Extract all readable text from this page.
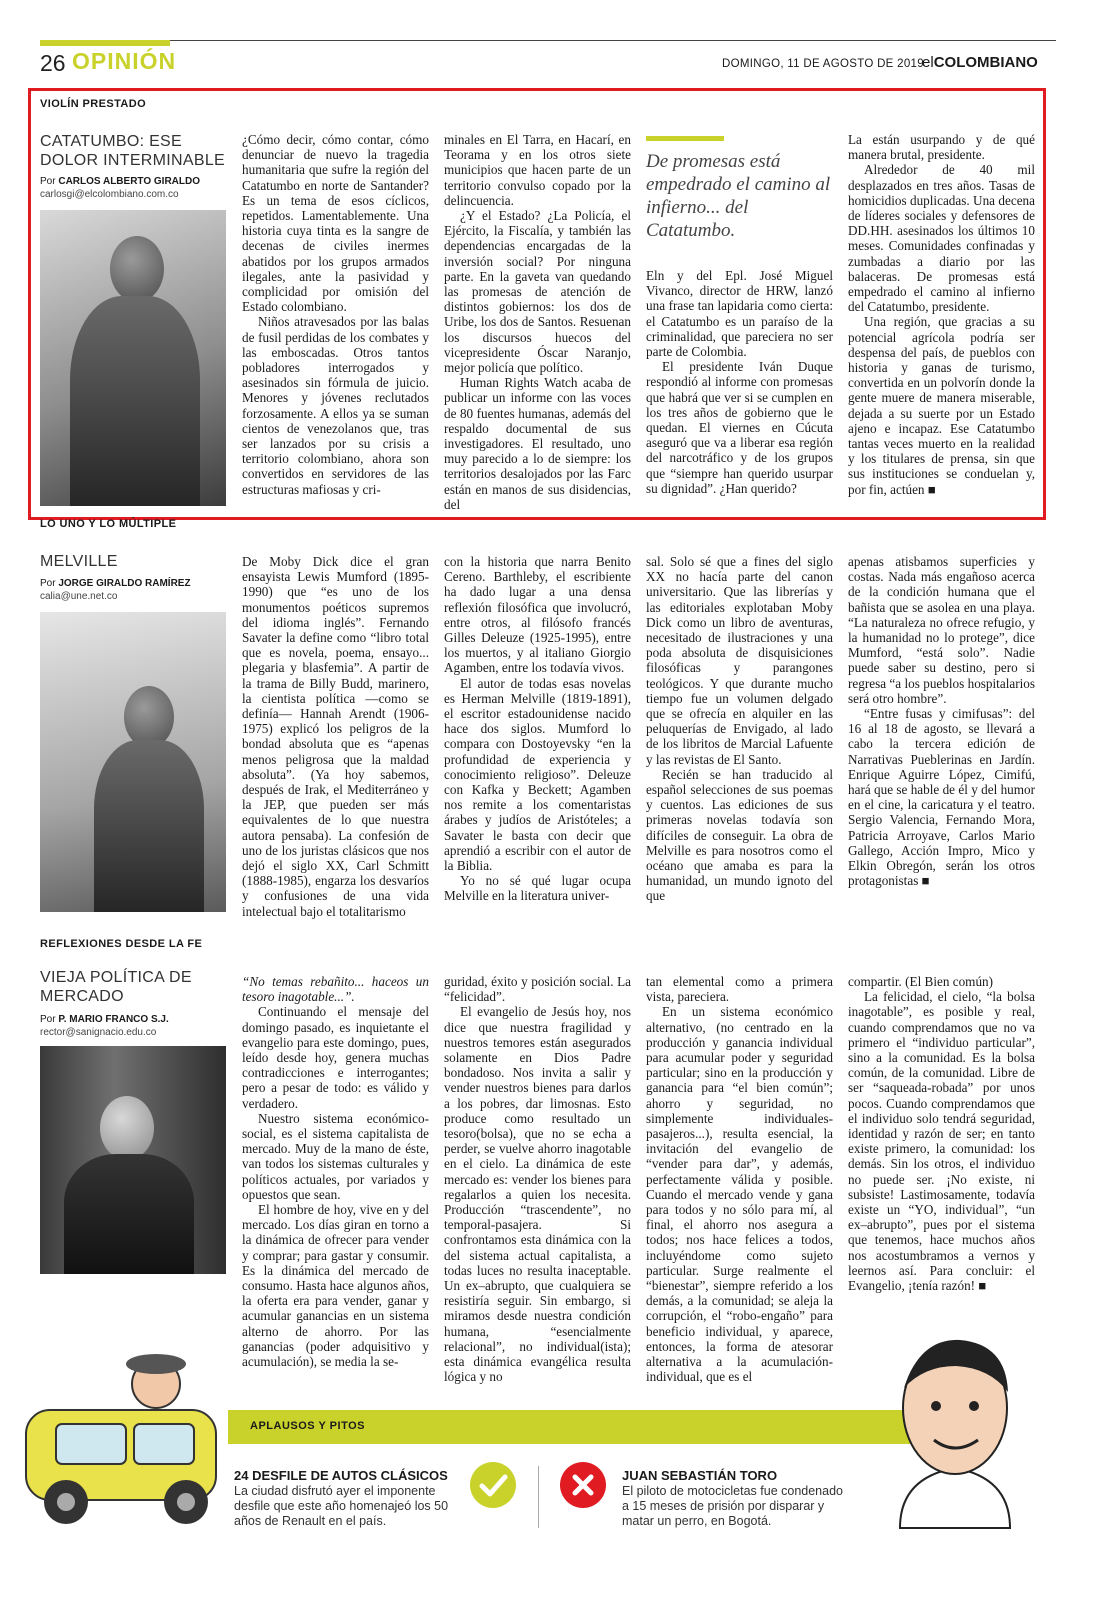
26 OPINIÓN	DOMINGO, 11 DE AGOSTO DE 2019
elCOLOMBIANO
VIOLÍN PRESTADO
CATATUMBO: ESE DOLOR INTERMINABLE
Por CARLOS ALBERTO GIRALDO
carlosgi@elcolombiano.com.co

¿Cómo decir, cómo contar, cómo denunciar de nuevo la tragedia humanitaria que sufre la región del Catatumbo en norte de Santander? Es un tema de esos cíclicos, repetidos. Lamentablemente. Una historia cuya tinta es la sangre de decenas de civiles inermes abatidos por los grupos armados ilegales, ante la pasividad y complicidad por omisión del Estado colombiano.

Niños atravesados por las balas de fusil perdidas de los combates y las emboscadas. Otros tantos pobladores interrogados y asesinados sin fórmula de juicio. Menores y jóvenes reclutados forzosamente. A ellos ya se suman cientos de venezolanos que, tras ser lanzados por su crisis a territorio colombiano, ahora son convertidos en servidores de las estructuras mafiosas y cri-

minales en El Tarra, en Hacarí, en Teorama y en los otros siete municipios que hacen parte de un territorio convulso copado por la delincuencia.

¿Y el Estado? ¿La Policía, el Ejército, la Fiscalía, y también las dependencias encargadas de la inversión social? Por ninguna parte. En la gaveta van quedando las promesas de atención de distintos gobiernos: los dos de Uribe, los dos de Santos. Resuenan los discursos huecos del vicepresidente Óscar Naranjo, mejor policía que político.

Human Rights Watch acaba de publicar un informe con las voces de 80 fuentes humanas, además del respaldo documental de sus investigadores. El resultado, uno muy parecido a lo de siempre: los territorios desalojados por las Farc están en manos de sus disidencias, del

De promesas está empedrado el camino al infierno... del Catatumbo.

Eln y del Epl. José Miguel Vivanco, director de HRW, lanzó una frase tan lapidaria como cierta: el Catatumbo es un paraíso de la criminalidad, que pareciera no ser parte de Colombia.

El presidente Iván Duque respondió al informe con promesas que habrá que ver si se cumplen en los tres años de gobierno que le quedan. El viernes en Cúcuta aseguró que va a liberar esa región del narcotráfico y de los grupos que “siempre han querido usurpar su dignidad”. ¿Han querido?

La están usurpando y de qué manera brutal, presidente.

Alrededor de 40 mil desplazados en tres años. Tasas de homicidios duplicadas. Una decena de líderes sociales y defensores de DD.HH. asesinados los últimos 10 meses. Comunidades confinadas y zumbadas a diario por las balaceras. De promesas está empedrado el camino al infierno del Catatumbo, presidente.

Una región, que gracias a su potencial agrícola podría ser despensa del país, de pueblos con historia y ganas de turismo, convertida en un polvorín donde la gente muere de manera miserable, dejada a su suerte por un Estado ajeno e incapaz. Ese Catatumbo tantas veces muerto en la realidad y los titulares de prensa, sin que sus instituciones se conduelan y, por fin, actúen ■

LO UNO Y LO MÚLTIPLE
MELVILLE
Por JORGE GIRALDO RAMÍREZ
calia@une.net.co

De Moby Dick dice el gran ensayista Lewis Mumford (1895-1990) que “es uno de los monumentos poéticos supremos del idioma inglés”. Fernando Savater la define como “libro total que es novela, poema, ensayo... plegaria y blasfemia”. A partir de la trama de Billy Budd, marinero, la cientista política —como se definía— Hannah Arendt (1906-1975) explicó los peligros de la bondad absoluta que es “apenas menos peligrosa que la maldad absoluta”. (Ya hoy sabemos, después de Irak, el Mediterráneo y la JEP, que pueden ser más equivalentes de lo que nuestra autora pensaba). La confesión de uno de los juristas clásicos que nos dejó el siglo XX, Carl Schmitt (1888-1985), engarza los desvaríos y confusiones de una vida intelectual bajo el totalitarismo

con la historia que narra Benito Cereno. Barthleby, el escribiente ha dado lugar a una densa reflexión filosófica que involucró, entre otros, al filósofo francés Gilles Deleuze (1925-1995), entre los muertos, y al italiano Giorgio Agamben, entre los todavía vivos.

El autor de todas esas novelas es Herman Melville (1819-1891), el escritor estadounidense nacido hace dos siglos. Mumford lo compara con Dostoyevsky “en la profundidad de experiencia y conocimiento religioso”. Deleuze con Kafka y Beckett; Agamben nos remite a los comentaristas árabes y judíos de Aristóteles; a Savater le basta con decir que aprendió a escribir con el autor de la Biblia.

Yo no sé qué lugar ocupa Melville en la literatura univer-

sal. Solo sé que a fines del siglo XX no hacía parte del canon universitario. Que las librerías y las editoriales explotaban Moby Dick como un libro de aventuras, necesitado de ilustraciones y una poda absoluta de disquisiciones filosóficas y parangones teológicos. Y que durante mucho tiempo fue un volumen delgado que se ofrecía en alquiler en las peluquerías de Envigado, al lado de los libritos de Marcial Lafuente y las revistas de El Santo.

Recién se han traducido al español selecciones de sus poemas y cuentos. Las ediciones de sus primeras novelas todavía son difíciles de conseguir. La obra de Melville es para nosotros como el océano que amaba es para la humanidad, un mundo ignoto del que

apenas atisbamos superficies y costas. Nada más engañoso acerca de la condición humana que el bañista que se asolea en una playa. “La naturaleza no ofrece refugio, y la humanidad no lo protege”, dice Mumford, “está solo”. Nadie puede saber su destino, pero si regresa “a los pueblos hospitalarios será otro hombre”.

“Entre fusas y cimifusas”: del 16 al 18 de agosto, se llevará a cabo la tercera edición de Narrativas Pueblerinas en Jardín. Enrique Aguirre López, Cimifú, hará que se hable de él y del humor en el cine, la caricatura y el teatro. Sergio Valencia, Fernando Mora, Patricia Arroyave, Carlos Mario Gallego, Acción Impro, Mico y Elkin Obregón, serán los otros protagonistas ■

REFLEXIONES DESDE LA FE
VIEJA POLÍTICA DE MERCADO
Por P. MARIO FRANCO S.J.
rector@sanignacio.edu.co

“No temas rebañito... haceos un tesoro inagotable...”.

Continuando el mensaje del domingo pasado, es inquietante el evangelio para este domingo, pues, leído desde hoy, genera muchas contradicciones e interrogantes; pero a pesar de todo: es válido y verdadero.

Nuestro sistema económico-social, es el sistema capitalista de mercado. Muy de la mano de éste, van todos los sistemas culturales y políticos actuales, por variados y opuestos que sean.

El hombre de hoy, vive en y del mercado. Los días giran en torno a la dinámica de ofrecer para vender y comprar; para gastar y consumir. Es la dinámica del mercado de consumo. Hasta hace algunos años, la oferta era para vender, ganar y acumular ganancias en un sistema alterno de ahorro. Por las ganancias (poder adquisitivo y acumulación), se media la se-

guridad, éxito y posición social. La “felicidad”.

El evangelio de Jesús hoy, nos dice que nuestra fragilidad y nuestros temores están asegurados solamente en Dios Padre bondadoso. Nos invita a salir y vender nuestros bienes para darlos a los pobres, dar limosnas. Esto produce como resultado un tesoro(bolsa), que no se echa a perder, se vuelve ahorro inagotable en el cielo. La dinámica de este mercado es: vender los bienes para regalarlos a quien los necesita. Producción “trascendente”, no temporal-pasajera. Si confrontamos esta dinámica con la del sistema actual capitalista, a todas luces no resulta inaceptable. Un ex–abrupto, que cualquiera se resistiría seguir. Sin embargo, si miramos desde nuestra condición humana, “esencialmente relacional”, no individual(ista); esta dinámica evangélica resulta lógica y no

tan elemental como a primera vista, pareciera.

En un sistema económico alternativo, (no centrado en la producción y ganancia individual para acumular poder y seguridad particular; sino en la producción y ganancia para “el bien común”; ahorro y seguridad, no simplemente individuales-pasajeros...), resulta esencial, la invitación del evangelio de “vender para dar”, y además, perfectamente válida y posible. Cuando el mercado vende y gana para todos y no sólo para mí, al final, el ahorro nos asegura a todos; nos hace felices a todos, incluyéndome como sujeto particular. Surge realmente el “bienestar”, siempre referido a los demás, a la comunidad; se aleja la corrupción, el “robo-engaño” para beneficio individual, y aparece, entonces, la forma de atesorar alternativa a la acumulación-individual, que es el

compartir. (El Bien común)

La felicidad, el cielo, “la bolsa inagotable”, es posible y real, cuando comprendamos que no va primero el “individuo particular”, sino a la comunidad. Es la bolsa común, de la comunidad. Libre de ser “saqueada-robada” por unos pocos. Cuando comprendamos que el individuo solo tendrá seguridad, identidad y razón de ser; en tanto existe primero, la comunidad: los demás. Sin los otros, el individuo no puede ser. ¡No existe, ni subsiste! Lastimosamente, todavía existe un “YO, individual”, “un ex–abrupto”, pues por el sistema que tenemos, hace muchos años nos acostumbramos a vernos y leernos así. Para concluir: el Evangelio, ¡tenía razón! ■

APLAUSOS Y PITOS
24 DESFILE DE AUTOS CLÁSICOS
La ciudad disfrutó ayer el imponente desfile que este año homenajeó los 50 años de Renault en el país.
JUAN SEBASTIÁN TORO
El piloto de motocicletas fue condenado a 15 meses de prisión por disparar y matar un perro, en Bogotá.
